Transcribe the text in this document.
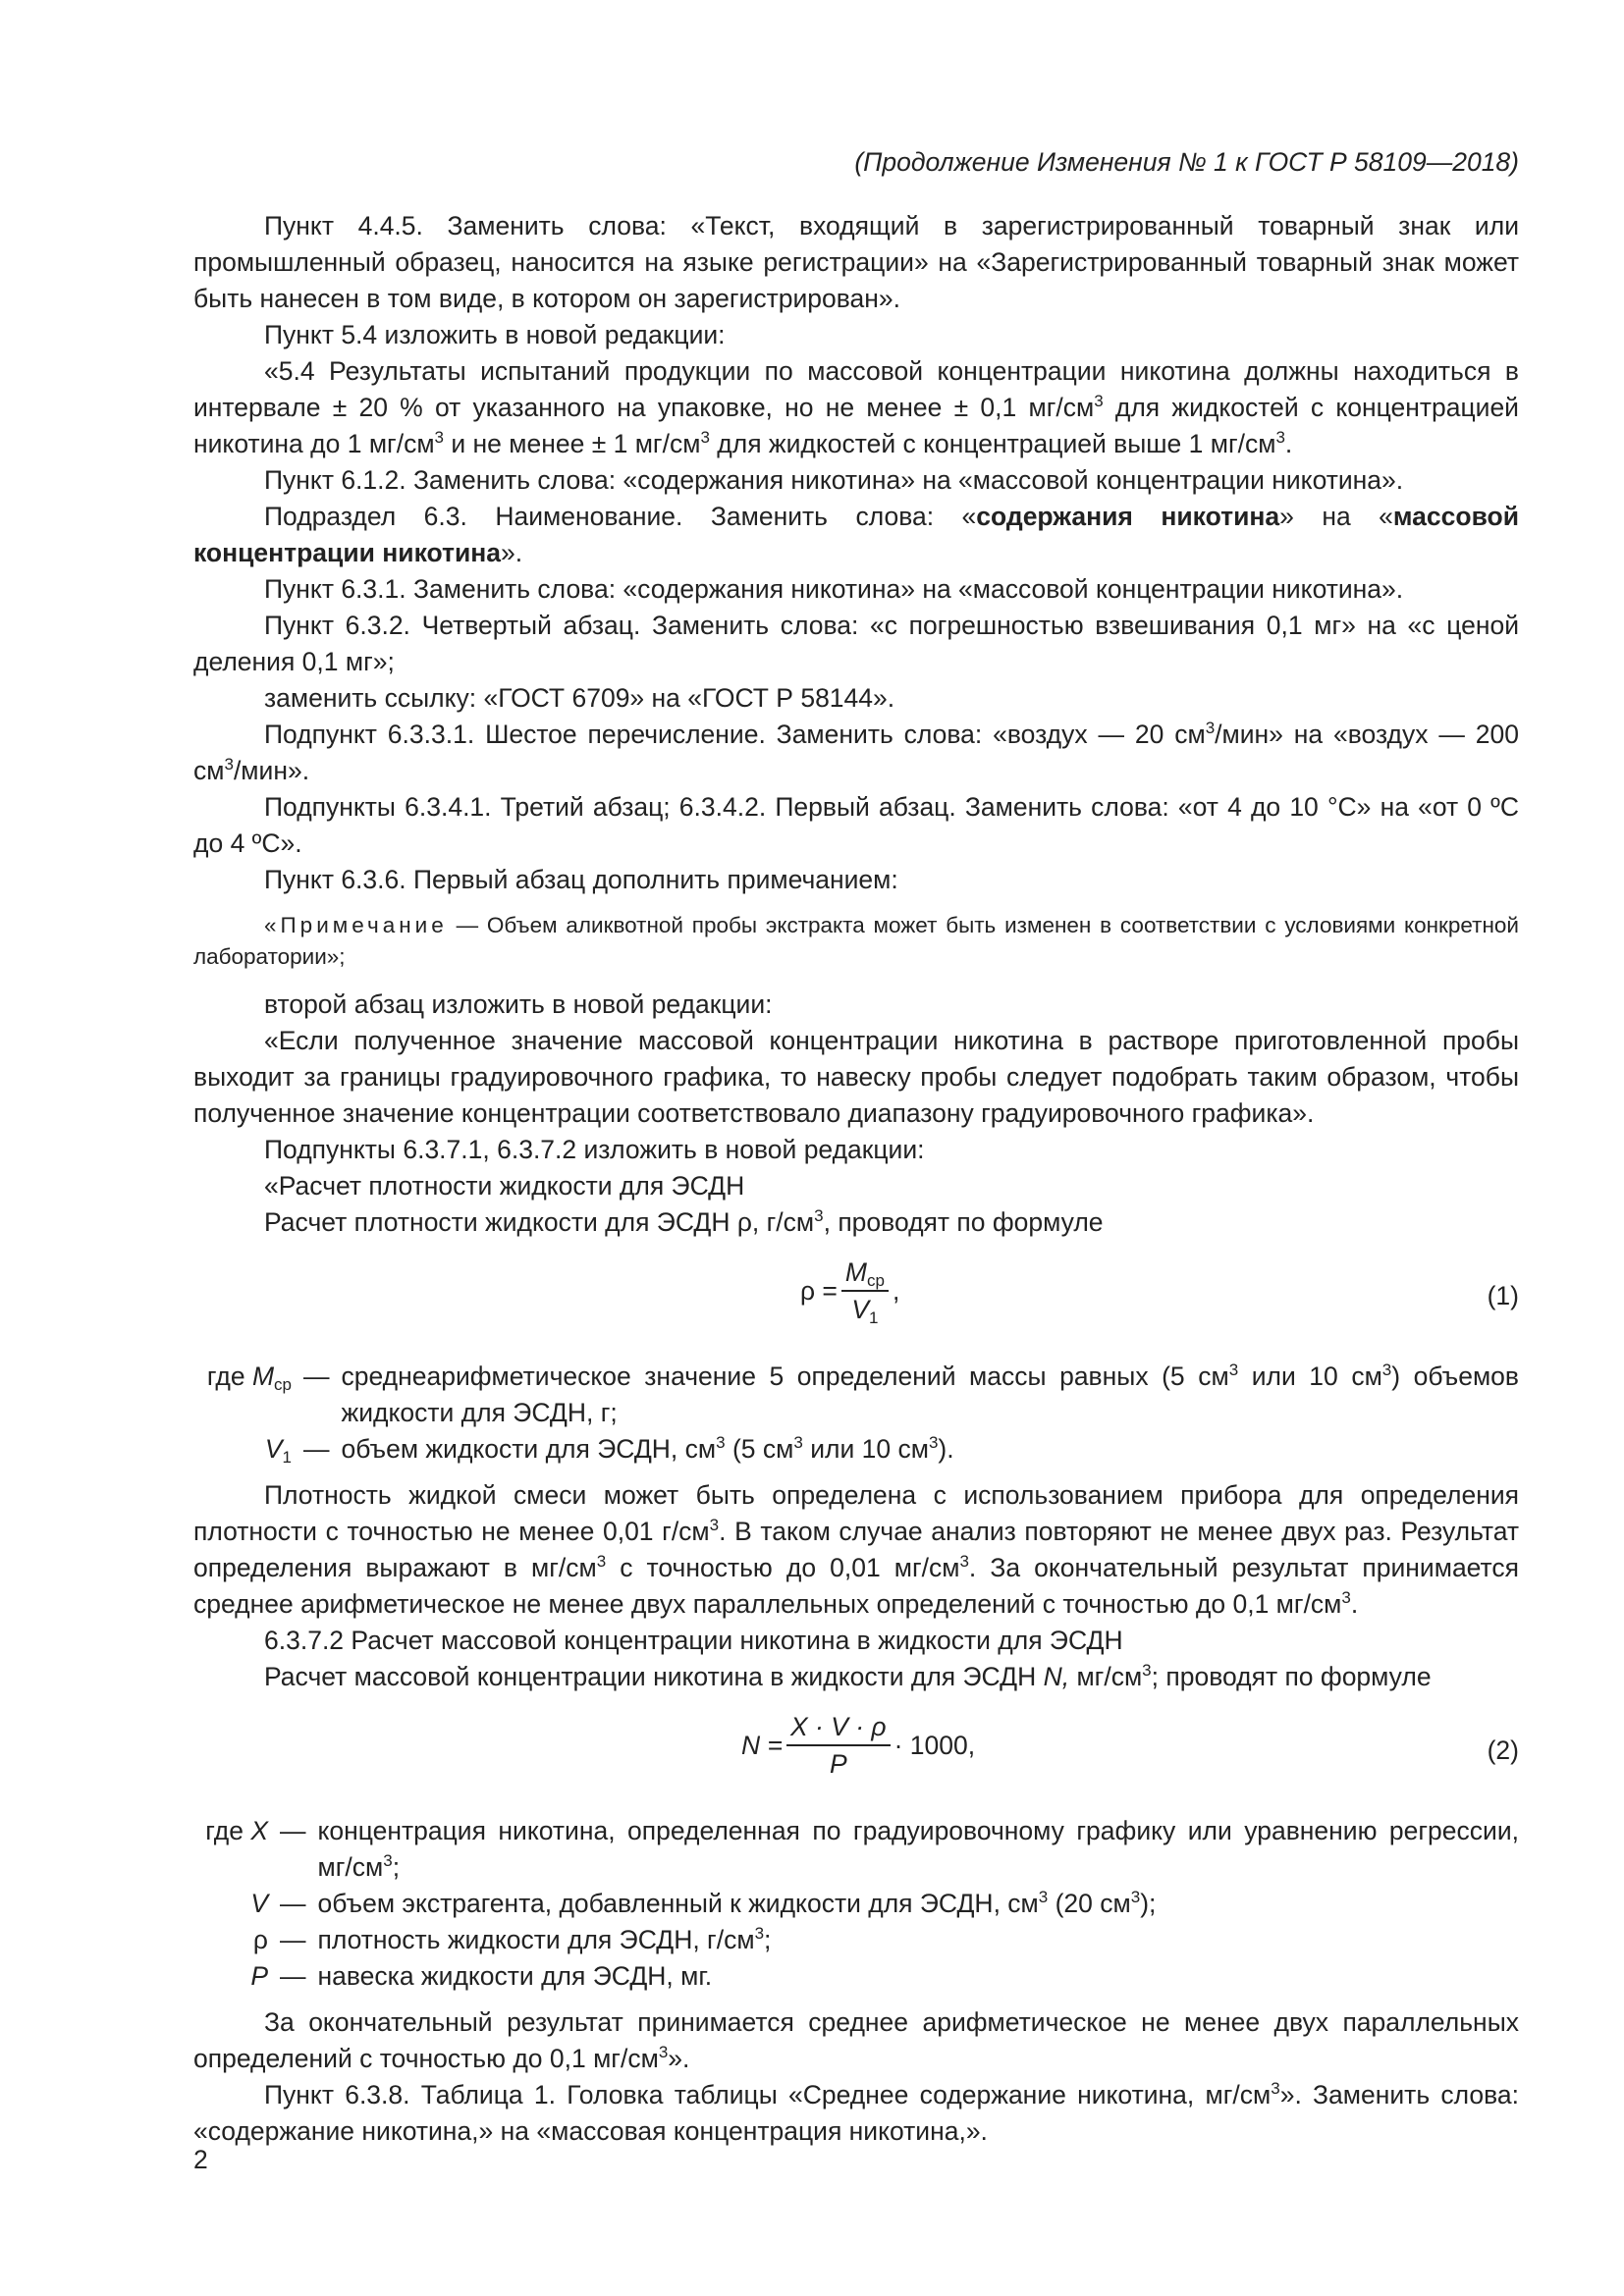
(Продолжение Изменения № 1 к ГОСТ Р 58109—2018)

Пункт 4.4.5. Заменить слова: «Текст, входящий в зарегистрированный товарный знак или промышленный образец, наносится на языке регистрации» на «Зарегистрированный товарный знак может быть нанесен в том виде, в котором он зарегистрирован».

Пункт 5.4 изложить в новой редакции:

«5.4 Результаты испытаний продукции по массовой концентрации никотина должны находиться в интервале ± 20 % от указанного на упаковке, но не менее ± 0,1 $мг/см^3$ для жидкостей с концентрацией никотина до 1 $мг/см^3$ и не менее ± 1 $мг/см^3$ для жидкостей с концентрацией выше 1 $мг/см^3$.

Пункт 6.1.2. Заменить слова: «содержания никотина» на «массовой концентрации никотина».

Подраздел 6.3. Наименование. Заменить слова: «содержания никотина» на «массовой концентрации никотина».

Пункт 6.3.1. Заменить слова: «содержания никотина» на «массовой концентрации никотина».

Пункт 6.3.2. Четвертый абзац. Заменить слова: «с погрешностью взвешивания 0,1 мг» на «с ценой деления 0,1 мг»;

заменить ссылку: «ГОСТ 6709» на «ГОСТ Р 58144».

Подпункт 6.3.3.1. Шестое перечисление. Заменить слова: «воздух — 20 $см^3$/мин» на «воздух — 200 $см^3$/мин».

Подпункты 6.3.4.1. Третий абзац; 6.3.4.2. Первый абзац. Заменить слова: «от 4 до 10 °С» на «от 0 ºС до 4 ºС».

Пункт 6.3.6. Первый абзац дополнить примечанием:

«Примечание — Объем аликвотной пробы экстракта может быть изменен в соответствии с условиями конкретной лаборатории»;

второй абзац изложить в новой редакции:

«Если полученное значение массовой концентрации никотина в растворе приготовленной пробы выходит за границы градуировочного графика, то навеску пробы следует подобрать таким образом, чтобы полученное значение концентрации соответствовало диапазону градуировочного графика».

Подпункты 6.3.7.1, 6.3.7.2 изложить в новой редакции:

«Расчет плотности жидкости для ЭСДН

Расчет плотности жидкости для ЭСДН ρ, $г/см^3$, проводят по формуле

$\rho = \frac{M_{ср}}{V_1}$ ,	(1)
где $M_{ср}$ — среднеарифметическое значение 5 определений массы равных (5 $см^3$ или 10 $см^3$) объемов жидкости для ЭСДН, г;
$V_1$ — объем жидкости для ЭСДН, $см^3$ (5 $см^3$ или 10 $см^3$).

Плотность жидкой смеси может быть определена с использованием прибора для определения плотности с точностью не менее 0,01 $г/см^3$. В таком случае анализ повторяют не менее двух раз. Результат определения выражают в $мг/см^3$ с точностью до 0,01 $мг/см^3$. За окончательный результат принимается среднее арифметическое не менее двух параллельных определений с точностью до 0,1 $мг/см^3$.

6.3.7.2 Расчет массовой концентрации никотина в жидкости для ЭСДН

Расчет массовой концентрации никотина в жидкости для ЭСДН N, $мг/см^3$; проводят по формуле

$N = \frac{X \cdot V \cdot \rho}{P} \cdot 1000$,	(2)
где X — концентрация никотина, определенная по градуировочному графику или уравнению регрессии, $мг/см^3$;
V — объем экстрагента, добавленный к жидкости для ЭСДН, $см^3$ (20 $см^3$);
ρ — плотность жидкости для ЭСДН, $г/см^3$;
P — навеска жидкости для ЭСДН, мг.

За окончательный результат принимается среднее арифметическое не менее двух параллельных определений с точностью до 0,1 $мг/см^3$».

Пункт 6.3.8. Таблица 1. Головка таблицы «Среднее содержание никотина, $мг/см^3$». Заменить слова: «содержание никотина,» на «массовая концентрация никотина,».

2
